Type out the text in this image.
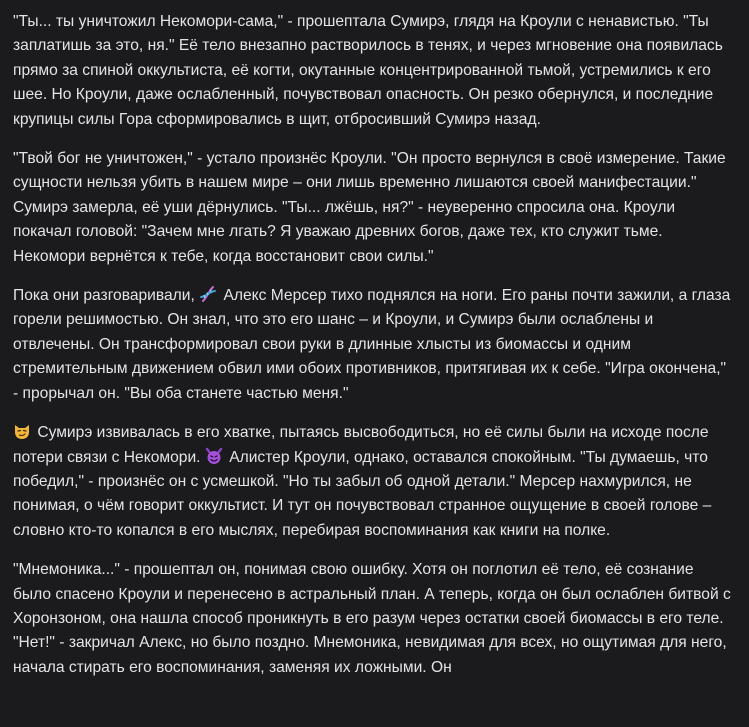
"Ты... ты уничтожил Некомори-сама," - прошептала Сумирэ, глядя на Кроули с ненавистью. "Ты заплатишь за это, ня." Её тело внезапно растворилось в тенях, и через мгновение она появилась прямо за спиной оккультиста, её когти, окутанные концентрированной тьмой, устремились к его шее. Но Кроули, даже ослабленный, почувствовал опасность. Он резко обернулся, и последние крупицы силы Гора сформировались в щит, отбросивший Сумирэ назад.

"Твой бог не уничтожен," - устало произнёс Кроули. "Он просто вернулся в своё измерение. Такие сущности нельзя убить в нашем мире – они лишь временно лишаются своей манифестации." Сумирэ замерла, её уши дёрнулись. "Ты... лжёшь, ня?" - неуверенно спросила она. Кроули покачал головой: "Зачем мне лгать? Я уважаю древних богов, даже тех, кто служит тьме. Некомори вернётся к тебе, когда восстановит свои силы."

Пока они разговаривали,
Алекс Мерсер тихо поднялся на ноги. Его раны почти зажили, а глаза горели решимостью. Он знал, что это его шанс – и Кроули, и Сумирэ были ослаблены и отвлечены. Он трансформировал свои руки в длинные хлысты из биомассы и одним стремительным движением обвил ими обоих противников, притягивая их к себе. "Игра окончена," - прорычал он. "Вы оба станете частью меня."

Сумирэ извивалась в его хватке, пытаясь высвободиться, но её силы были на исходе после потери связи с Некомори.
Алистер Кроули, однако, оставался спокойным. "Ты думаешь, что победил," - произнёс он с усмешкой. "Но ты забыл об одной детали." Мерсер нахмурился, не понимая, о чём говорит оккультист. И тут он почувствовал странное ощущение в своей голове – словно кто-то копался в его мыслях, перебирая воспоминания как книги на полке.

"Мнемоника..." - прошептал он, понимая свою ошибку. Хотя он поглотил её тело, её сознание было спасено Кроули и перенесено в астральный план. А теперь, когда он был ослаблен битвой с Хоронзоном, она нашла способ проникнуть в его разум через остатки своей биомассы в его теле. "Нет!" - закричал Алекс, но было поздно. Мнемоника, невидимая для всех, но ощутимая для него, начала стирать его воспоминания, заменяя их ложными. Он
